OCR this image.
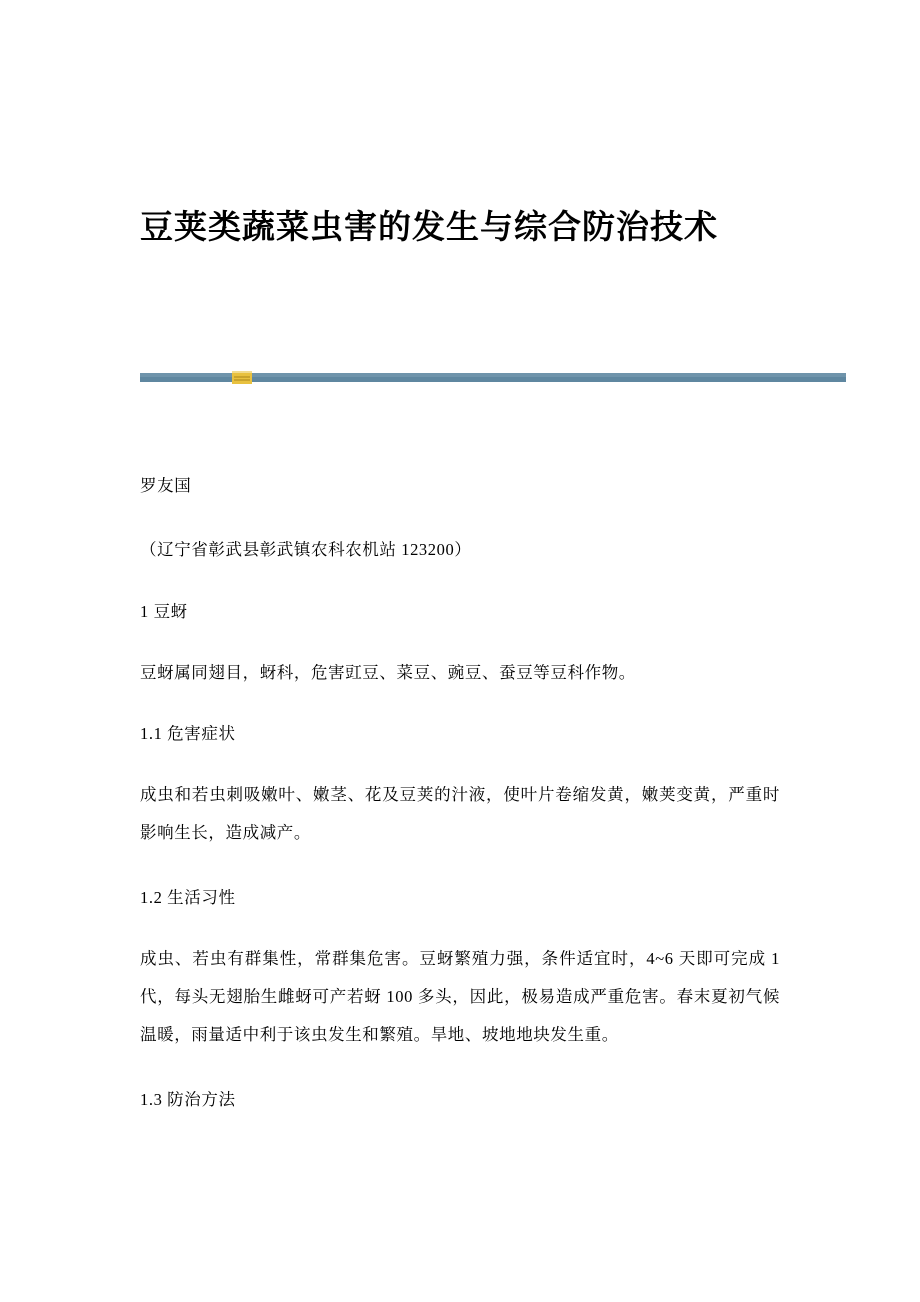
豆荚类蔬菜虫害的发生与综合防治技术

罗友国

（辽宁省彰武县彰武镇农科农机站 123200）

1 豆蚜

豆蚜属同翅目，蚜科，危害豇豆、菜豆、豌豆、蚕豆等豆科作物。

1.1 危害症状

成虫和若虫刺吸嫩叶、嫩茎、花及豆荚的汁液，使叶片卷缩发黄，嫩荚变黄，严重时影响生长，造成减产。

1.2 生活习性

成虫、若虫有群集性，常群集危害。豆蚜繁殖力强，条件适宜时，4~6 天即可完成 1 代，每头无翅胎生雌蚜可产若蚜 100 多头，因此，极易造成严重危害。春末夏初气候温暖，雨量适中利于该虫发生和繁殖。旱地、坡地地块发生重。

1.3 防治方法
